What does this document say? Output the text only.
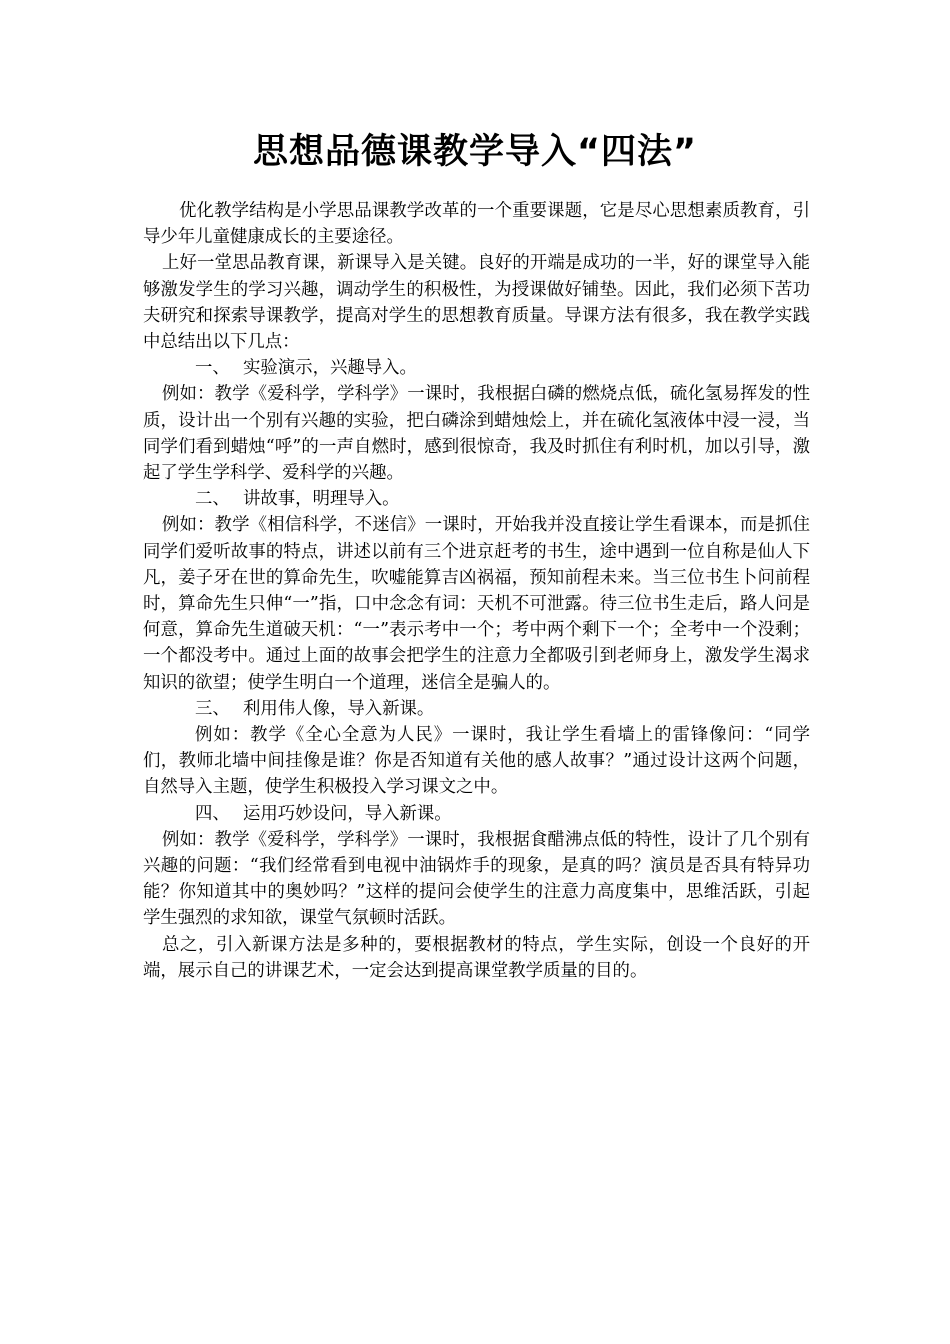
思想品德课教学导入“四法”

优化教学结构是小学思品课教学改革的一个重要课题，它是尽心思想素质教育，引导少年儿童健康成长的主要途径。

上好一堂思品教育课，新课导入是关键。良好的开端是成功的一半，好的课堂导入能够激发学生的学习兴趣，调动学生的积极性，为授课做好铺垫。因此，我们必须下苦功夫研究和探索导课教学，提高对学生的思想教育质量。导课方法有很多，我在教学实践中总结出以下几点：

一、 实验演示，兴趣导入。

例如：教学《爱科学，学科学》一课时，我根据白磷的燃烧点低，硫化氢易挥发的性质，设计出一个别有兴趣的实验，把白磷涂到蜡烛烩上，并在硫化氢液体中浸一浸，当同学们看到蜡烛“呼”的一声自燃时，感到很惊奇，我及时抓住有利时机，加以引导，激起了学生学科学、爱科学的兴趣。

二、 讲故事，明理导入。

例如：教学《相信科学，不迷信》一课时，开始我并没直接让学生看课本，而是抓住同学们爱听故事的特点，讲述以前有三个进京赶考的书生，途中遇到一位自称是仙人下凡，姜子牙在世的算命先生，吹嘘能算吉凶祸福，预知前程未来。当三位书生卜问前程时，算命先生只伸“一”指，口中念念有词：天机不可泄露。待三位书生走后，路人问是何意，算命先生道破天机：“一”表示考中一个；考中两个剩下一个；全考中一个没剩；一个都没考中。通过上面的故事会把学生的注意力全都吸引到老师身上，激发学生渴求知识的欲望；使学生明白一个道理，迷信全是骗人的。

三、 利用伟人像，导入新课。

例如：教学《全心全意为人民》一课时，我让学生看墙上的雷锋像问：“同学们，教师北墙中间挂像是谁？你是否知道有关他的感人故事？”通过设计这两个问题，自然导入主题，使学生积极投入学习课文之中。

四、 运用巧妙设问，导入新课。

例如：教学《爱科学，学科学》一课时，我根据食醋沸点低的特性，设计了几个别有兴趣的问题：“我们经常看到电视中油锅炸手的现象，是真的吗？演员是否具有特异功能？你知道其中的奥妙吗？”这样的提问会使学生的注意力高度集中，思维活跃，引起学生强烈的求知欲，课堂气氛顿时活跃。

总之，引入新课方法是多种的，要根据教材的特点，学生实际，创设一个良好的开端，展示自己的讲课艺术，一定会达到提高课堂教学质量的目的。
